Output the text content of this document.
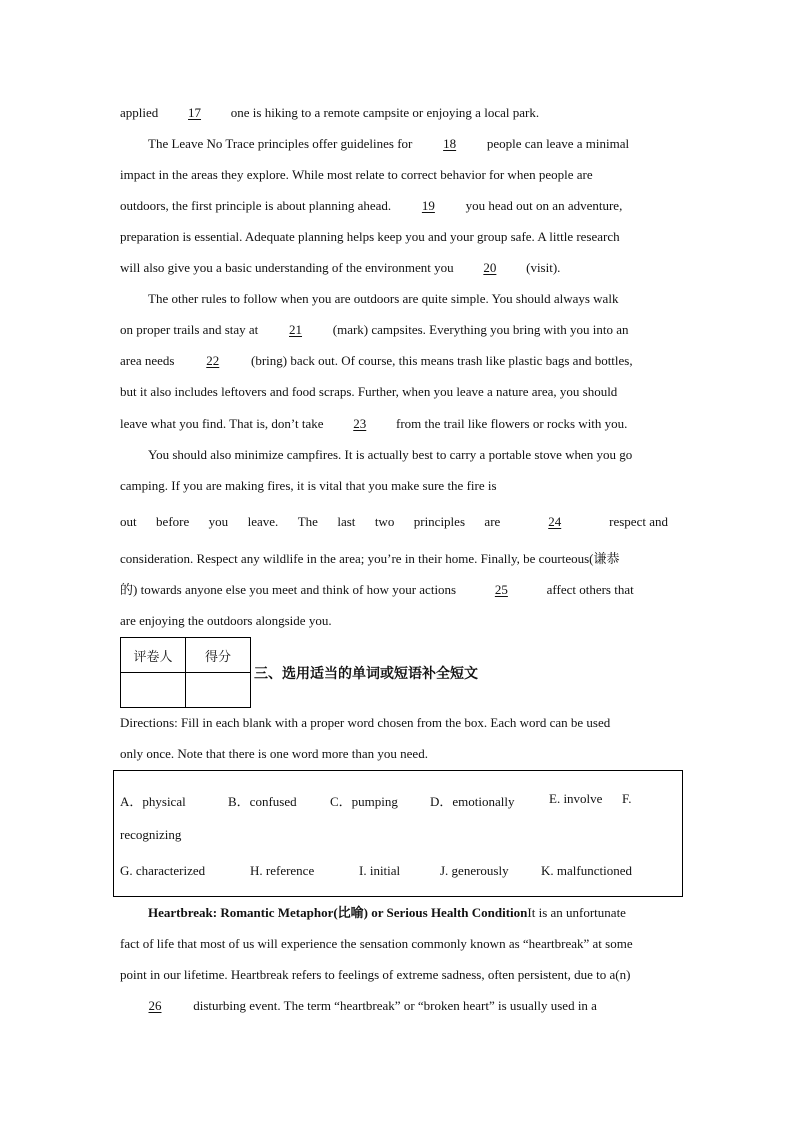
applied 17 one is hiking to a remote campsite or enjoying a local park.
The Leave No Trace principles offer guidelines for 18 people can leave a minimal
impact in the areas they explore. While most relate to correct behavior for when people are
outdoors, the first principle is about planning ahead. 19 you head out on an adventure,
preparation is essential. Adequate planning helps keep you and your group safe. A little research
will also give you a basic understanding of the environment you 20 (visit).
The other rules to follow when you are outdoors are quite simple. You should always walk
on proper trails and stay at 21 (mark) campsites. Everything you bring with you into an
area needs 22 (bring) back out. Of course, this means trash like plastic bags and bottles,
but it also includes leftovers and food scraps. Further, when you leave a nature area, you should
leave what you find. That is, don’t take 23 from the trail like flowers or rocks with you.
You should also minimize campfires. It is actually best to carry a portable stove when you go
camping. If you are making fires, it is vital that you make sure the fire is
out before you leave. The last two principles are	24	respect and
consideration. Respect any wildlife in the area; you’re in their home. Finally, be courteous(谦恭
的) towards anyone else you meet and think of how your actions	25	affect others that
are enjoying the outdoors alongside you.
评卷人	得分

三、选用适当的单词或短语补全短文
Directions: Fill in each blank with a proper word chosen from the box. Each word can be used
only once. Note that there is one word more than you need.
A．physical	B．confused	C．pumping D．emotionally	E. involve F.
recognizing
G. characterized	H. reference	I. initial	J. generously K. malfunctioned
Heartbreak: Romantic Metaphor(比喻) or Serious Health ConditionIt is an unfortunate
fact of life that most of us will experience the sensation commonly known as “heartbreak” at some
point in our lifetime. Heartbreak refers to feelings of extreme sadness, often persistent, due to a(n)
26 disturbing event. The term “heartbreak” or “broken heart” is usually used in a
